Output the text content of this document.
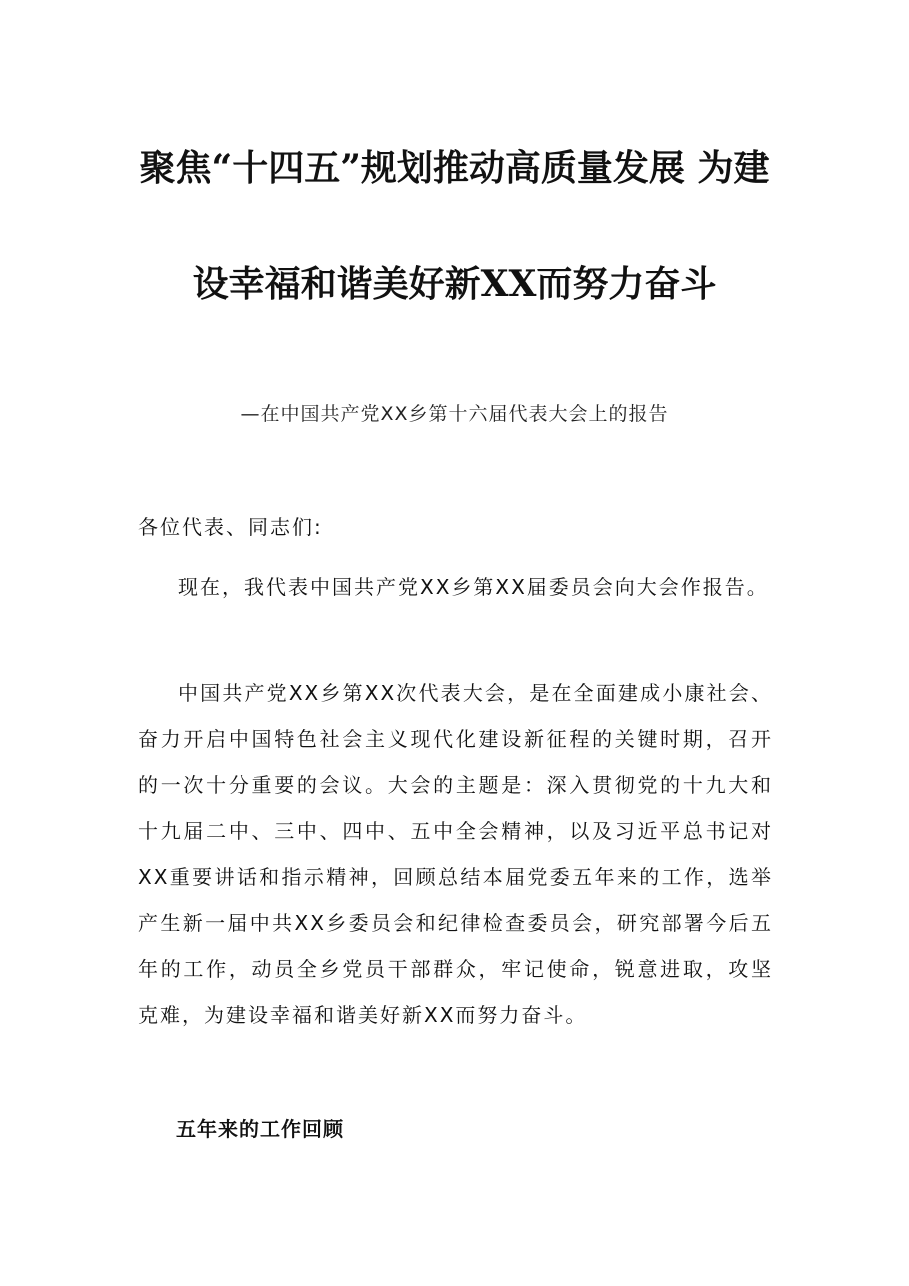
聚焦“十四五”规划推动高质量发展 为建
设幸福和谐美好新XX而努力奋斗
—在中国共产党XX乡第十六届代表大会上的报告
各位代表、同志们:

现在，我代表中国共产党XX乡第XX届委员会向大会作报告。

中国共产党XX乡第XX次代表大会，是在全面建成小康社会、奋力开启中国特色社会主义现代化建设新征程的关键时期，召开的一次十分重要的会议。大会的主题是：深入贯彻党的十九大和十九届二中、三中、四中、五中全会精神，以及习近平总书记对XX重要讲话和指示精神，回顾总结本届党委五年来的工作，选举产生新一届中共XX乡委员会和纪律检查委员会，研究部署今后五年的工作，动员全乡党员干部群众，牢记使命，锐意进取，攻坚克难，为建设幸福和谐美好新XX而努力奋斗。

五年来的工作回顾
